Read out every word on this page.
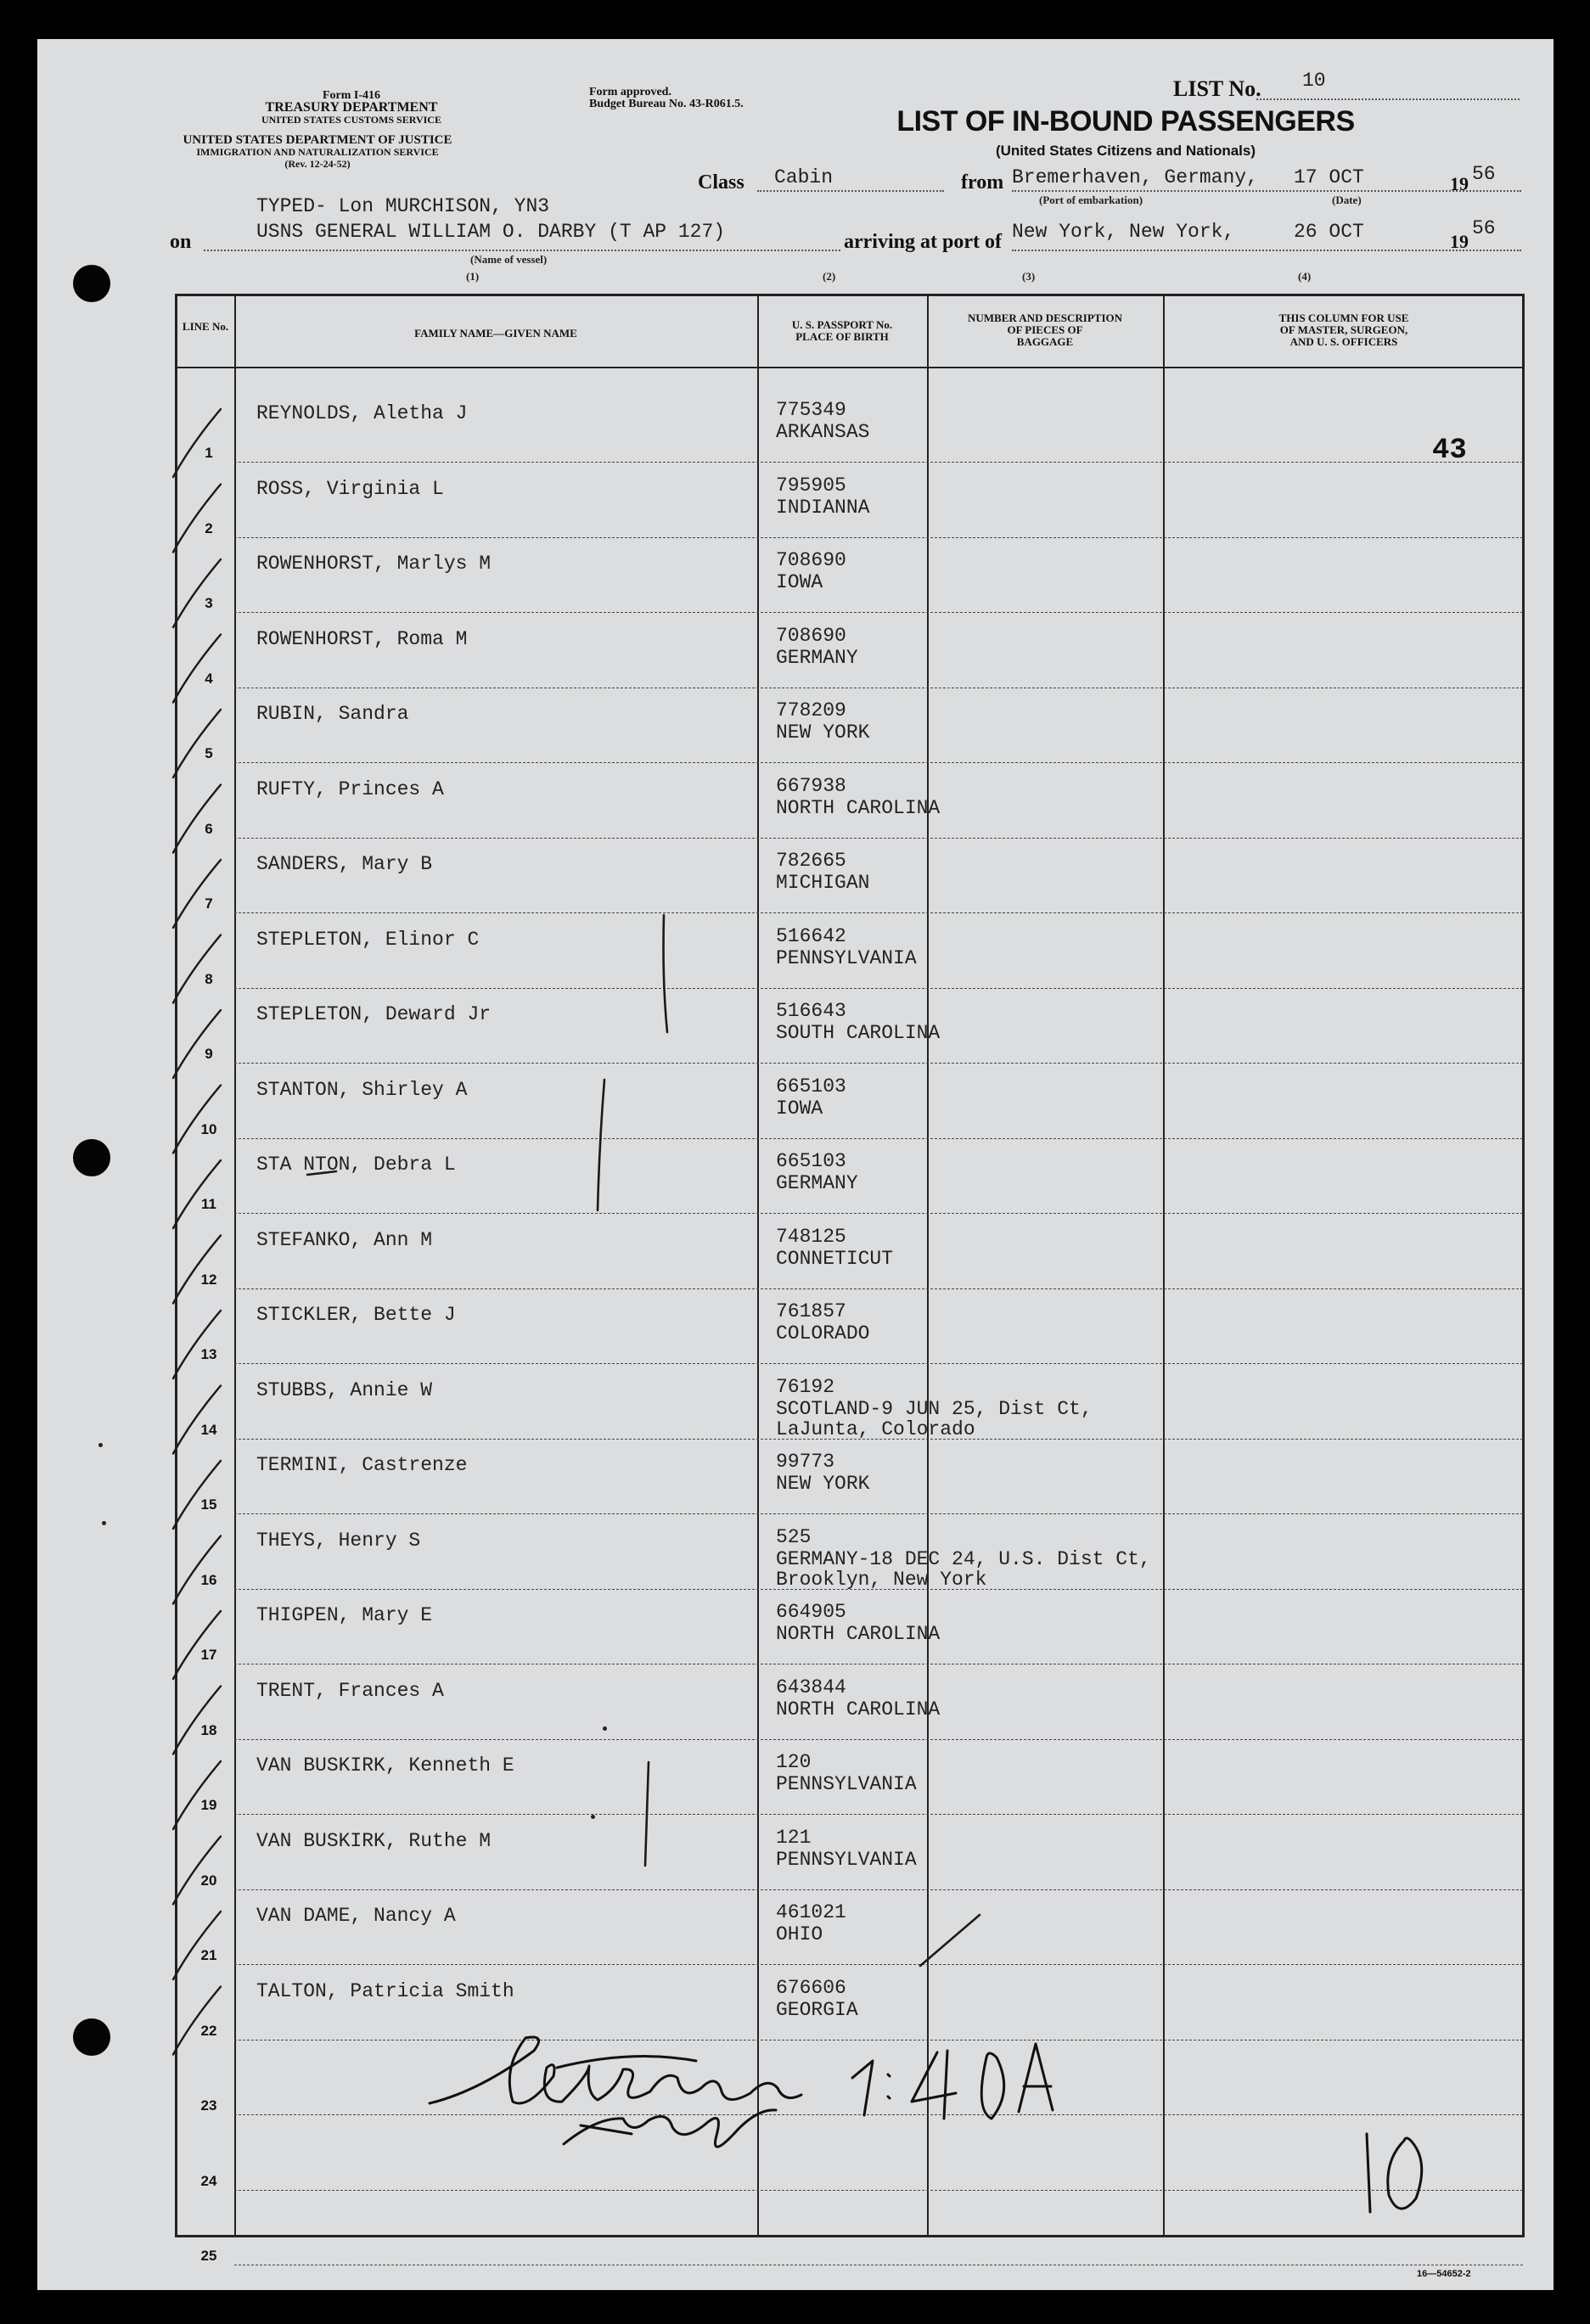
Form I-416
TREASURY DEPARTMENT
UNITED STATES CUSTOMS SERVICE
UNITED STATES DEPARTMENT OF JUSTICE
IMMIGRATION AND NATURALIZATION SERVICE
(Rev. 12-24-52)
Form approved.
Budget Bureau No. 43-R061.5.
LIST No. 10
LIST OF IN-BOUND PASSENGERS
(United States Citizens and Nationals)
TYPED- Lon MURCHISON, YN3
Class Cabin	from Bremerhaven, Germany, 17 OCT	19 56
(Port of embarkation)	(Date)
on	USNS GENERAL WILLIAM O. DARBY (T AP 127)
(Name of vessel)
arriving at port of New York, New York,	26 OCT	19
56
(1)	(2)	(3)	(4)
LINE No.
FAMILY NAME—GIVEN NAME
U. S. PASSPORT No.
PLACE OF BIRTH
NUMBER AND DESCRIPTION
OF PIECES OF
BAGGAGE
THIS COLUMN FOR USE
OF MASTER, SURGEON,
AND U. S. OFFICERS
1
REYNOLDS, Aletha J	775349
ARKANSAS
2
ROSS, Virginia L	795905
INDIANNA
3
ROWENHORST, Marlys M	708690
IOWA
4
ROWENHORST, Roma M	708690
GERMANY
5
RUBIN, Sandra	778209
NEW YORK
6
RUFTY, Princes A	667938
NORTH CAROLINA
7
SANDERS, Mary B	782665
MICHIGAN
8
STEPLETON, Elinor C	516642
PENNSYLVANIA
9
STEPLETON, Deward Jr	516643
SOUTH CAROLINA
10
STANTON, Shirley A	665103
IOWA
11
STA NTON, Debra L	665103
GERMANY
12
STEFANKO, Ann M	748125
CONNETICUT
13
STICKLER, Bette J	761857
COLORADO
14
STUBBS, Annie W	76192
SCOTLAND-9 JUN 25, Dist Ct,
LaJunta, Colorado
15
TERMINI, Castrenze	99773
NEW YORK
16
THEYS, Henry S	525
GERMANY-18 DEC 24, U.S. Dist Ct,
Brooklyn, New York
17
THIGPEN, Mary E	664905
NORTH CAROLINA
18
TRENT, Frances A	643844
NORTH CAROLINA
19
VAN BUSKIRK, Kenneth E	120
PENNSYLVANIA
20
VAN BUSKIRK, Ruthe M	121
PENNSYLVANIA
21
VAN DAME, Nancy A	461021
OHIO
22
TALTON, Patricia Smith	676606
GEORGIA
23
24
25
43
16—54652-2
